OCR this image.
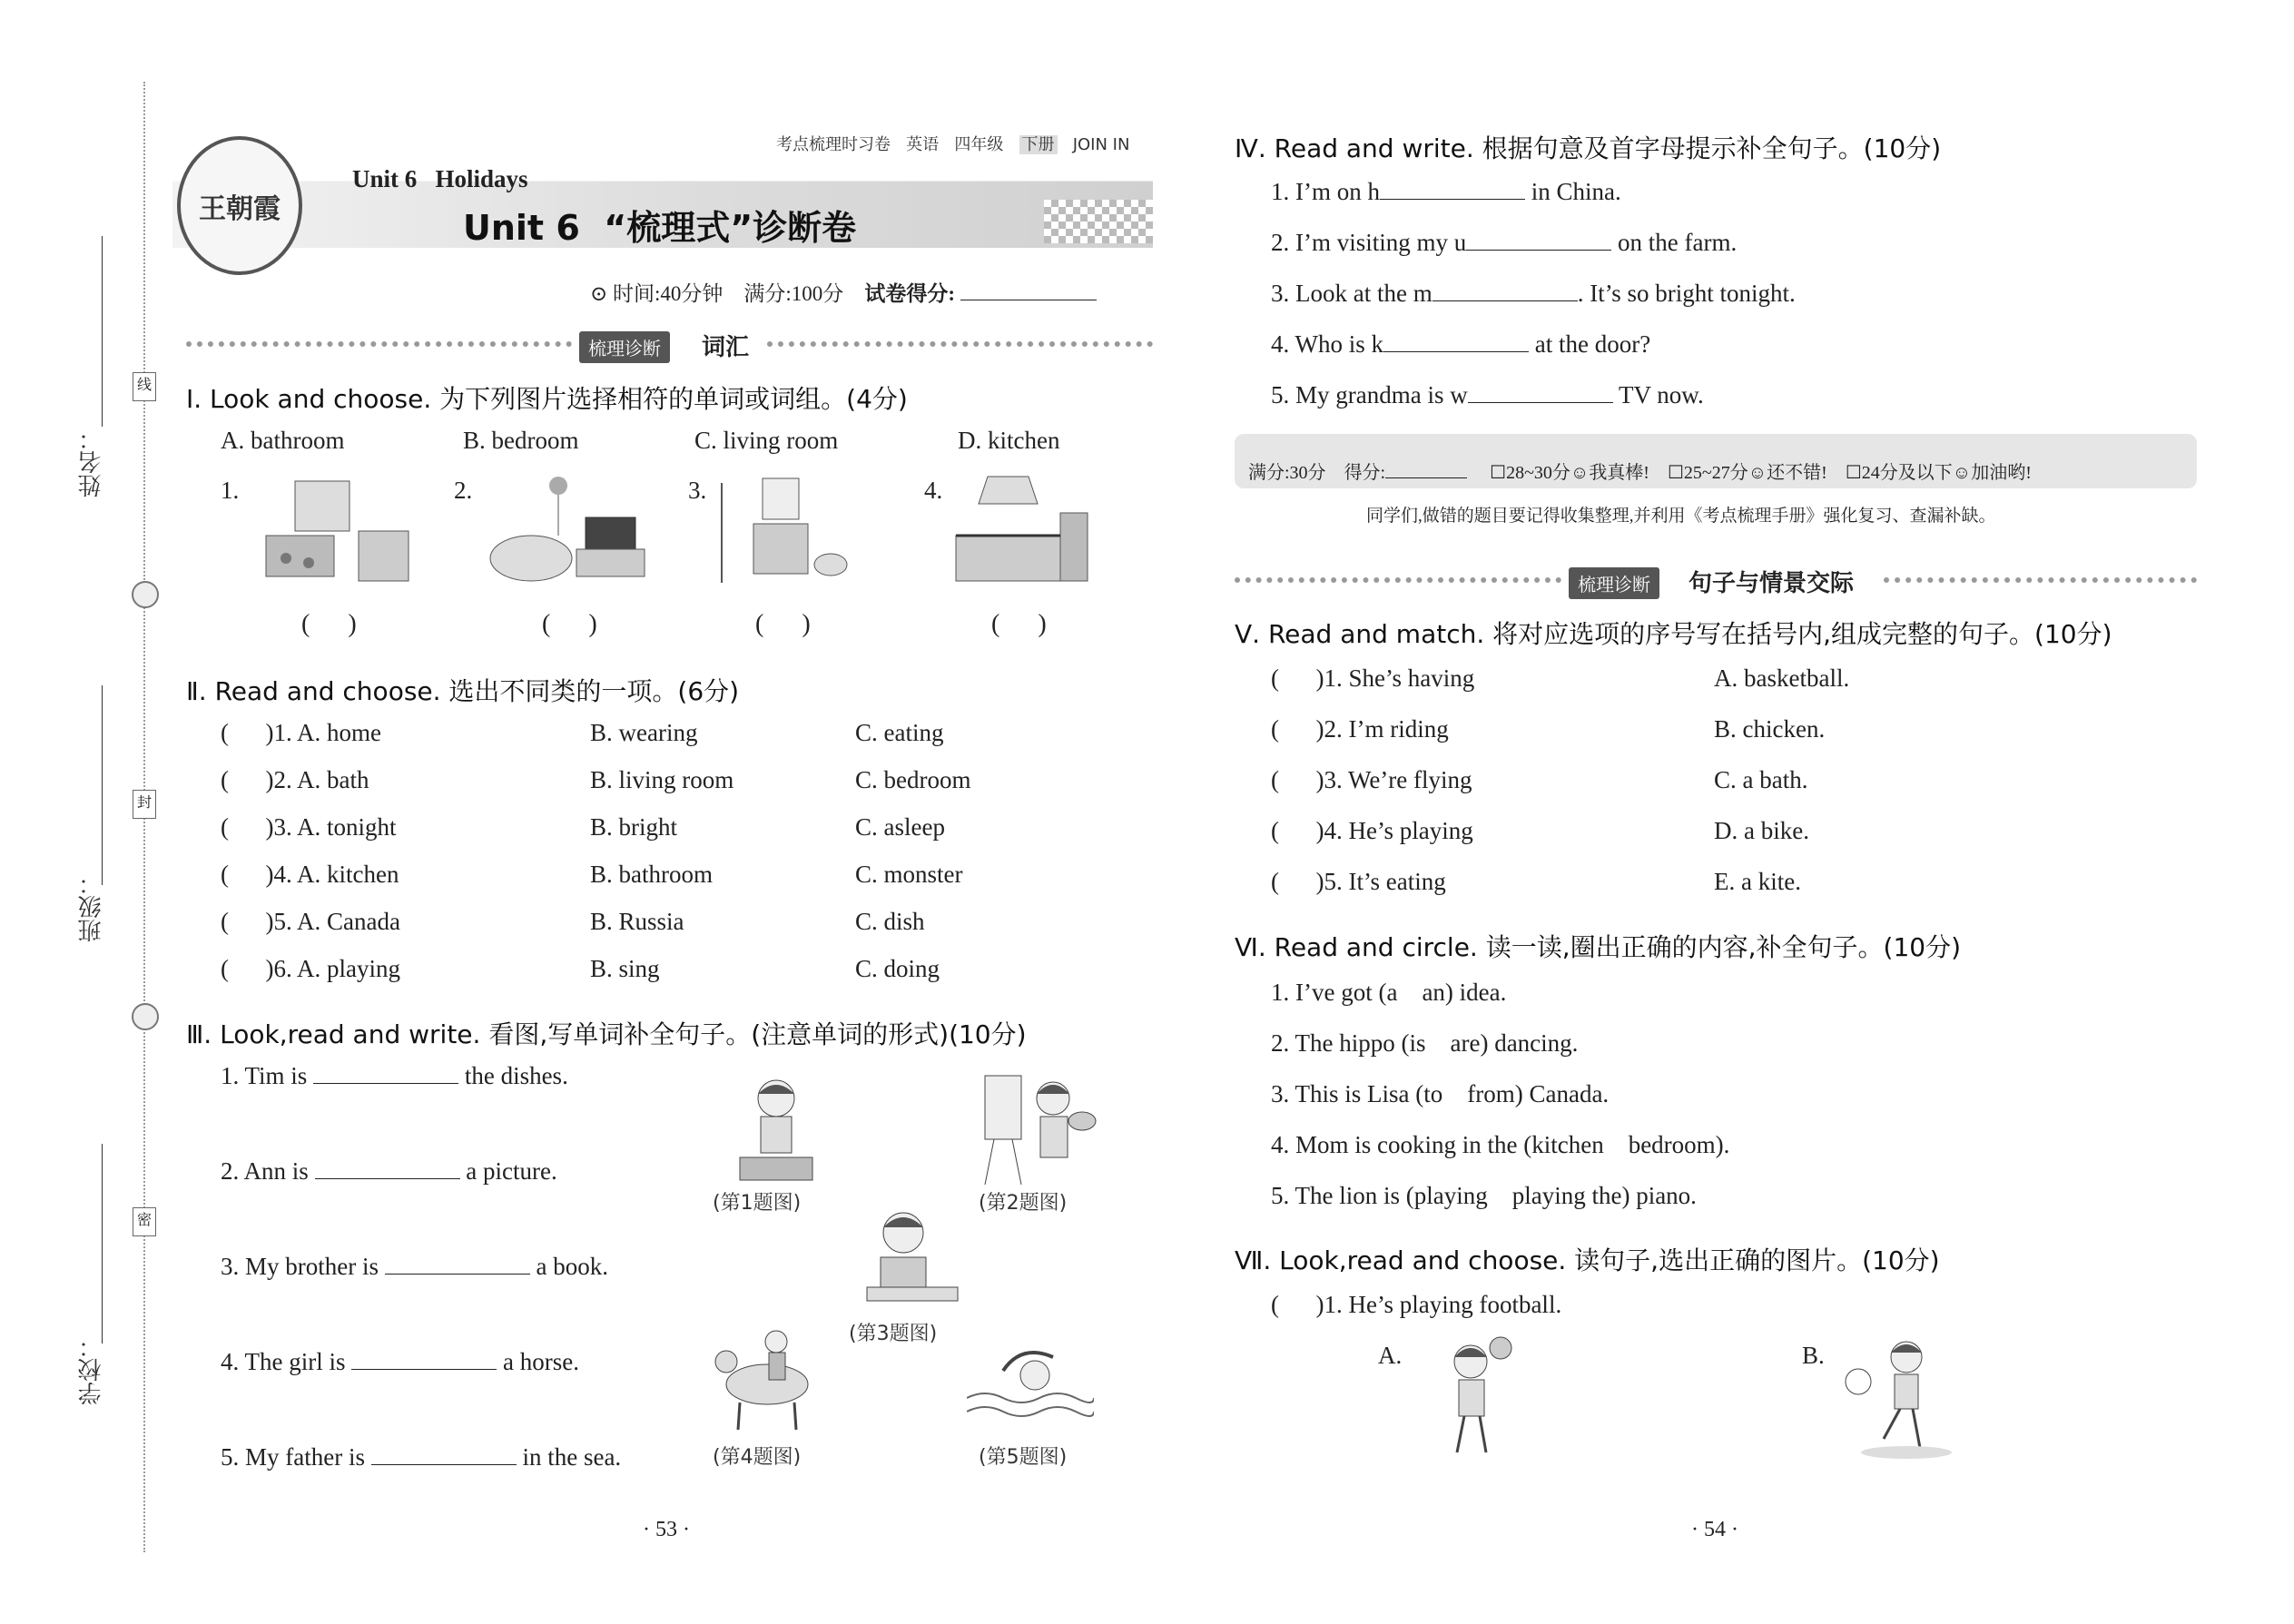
姓名：
班级：
学校：
线
封
密
王朝霞
考点梳理时习卷 英语 四年级 下册 JOIN IN
Unit 6   Holidays
Unit 6  “梳理式”诊断卷
⊙ 时间:40分钟 满分:100分 试卷得分:
梳理诊断	词汇
Ⅰ. Look and choose. 为下列图片选择相符的单词或词组。(4分)
A. bathroom	B. bedroom	C. living room	D. kitchen
1.	2.	3.	4.
(      )	(      )	(      )	(      )
Ⅱ. Read and choose. 选出不同类的一项。(6分)
(      )1. A. home	B. wearing	C. eating
(      )2. A. bath	B. living room	C. bedroom
(      )3. A. tonight	B. bright	C. asleep
(      )4. A. kitchen	B. bathroom	C. monster
(      )5. A. Canada	B. Russia	C. dish
(      )6. A. playing	B. sing	C. doing
Ⅲ. Look,read and write. 看图,写单词补全句子。(注意单词的形式)(10分)
1. Tim is	the dishes.
2. Ann is	a picture.
3. My brother is	a book.
4. The girl is	a horse.
5. My father is	in the sea.
(第1题图)	(第2题图)
(第3题图)
(第4题图)	(第5题图)
· 53 ·
Ⅳ. Read and write. 根据句意及首字母提示补全句子。(10分)
1. I’m on h	in China.
2. I’m visiting my u	on the farm.
3. Look at the m	. It’s so bright tonight.
4. Who is k	at the door?
5. My grandma is w	TV now.
满分:30分 得分:	☐28~30分☺我真棒! ☐25~27分☺还不错! ☐24分及以下☺加油哟!
同学们,做错的题目要记得收集整理,并利用《考点梳理手册》强化复习、查漏补缺。
梳理诊断	句子与情景交际
Ⅴ. Read and match. 将对应选项的序号写在括号内,组成完整的句子。(10分)
(      )1. She’s having	A. basketball.
(      )2. I’m riding	B. chicken.
(      )3. We’re flying	C. a bath.
(      )4. He’s playing	D. a bike.
(      )5. It’s eating	E. a kite.
Ⅵ. Read and circle. 读一读,圈出正确的内容,补全句子。(10分)
1. I’ve got (a    an) idea.
2. The hippo (is    are) dancing.
3. This is Lisa (to    from) Canada.
4. Mom is cooking in the (kitchen    bedroom).
5. The lion is (playing    playing the) piano.
Ⅶ. Look,read and choose. 读句子,选出正确的图片。(10分)
(      )1. He’s playing football.
A.	B.
· 54 ·
